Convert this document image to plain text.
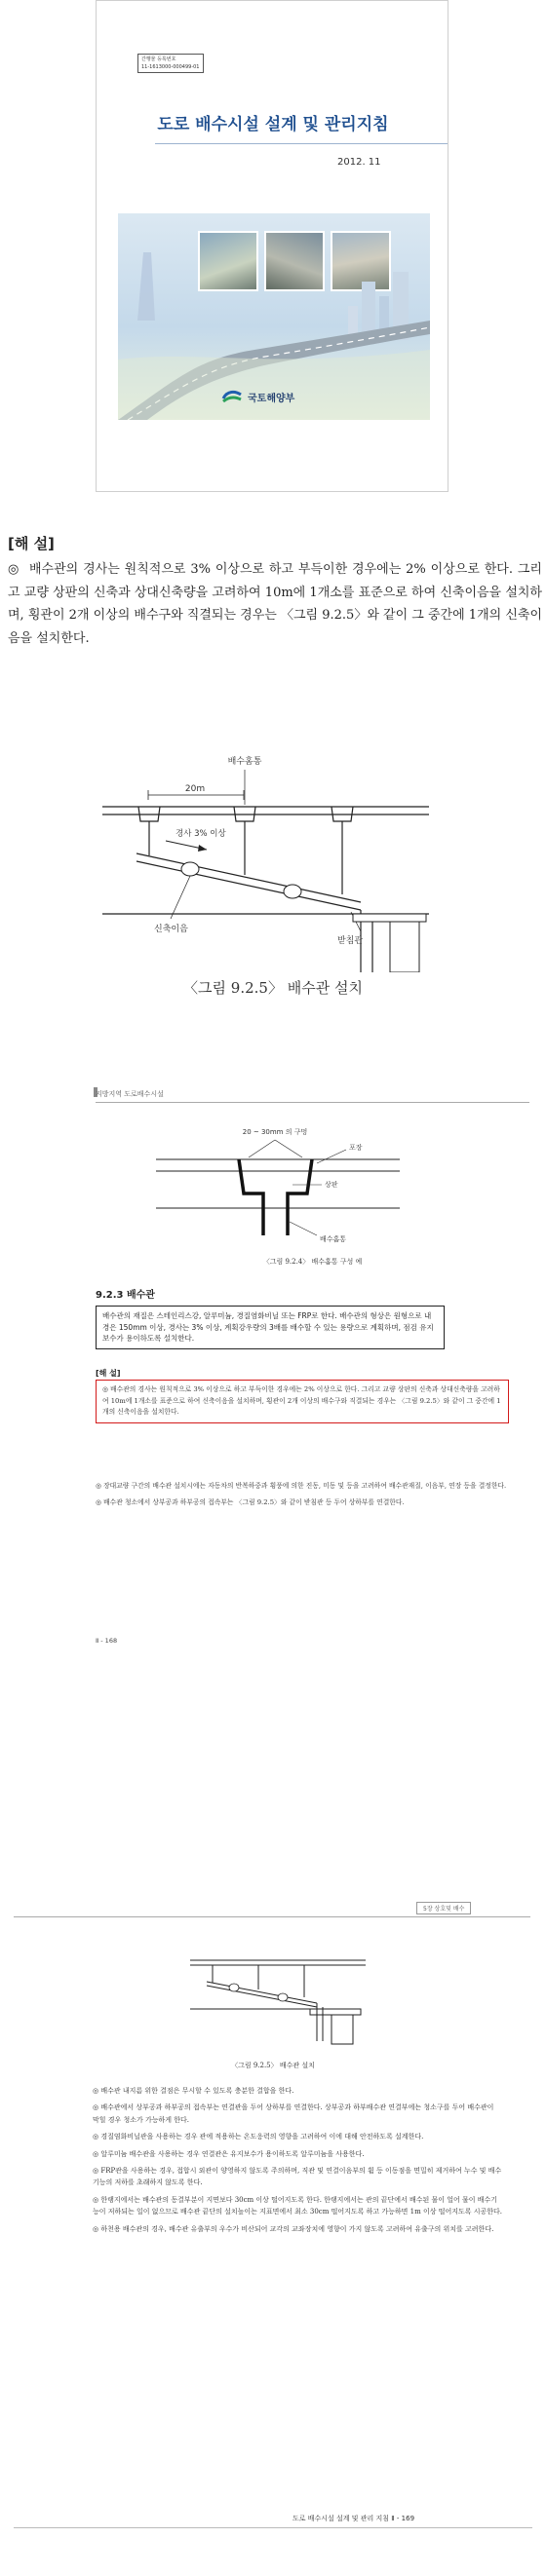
간행물 등록번호
11-1613000-000499-01
도로 배수시설 설계 및 관리지침
2012. 11
국토해양부
[해 설]
◎ 배수관의 경사는 원칙적으로 3% 이상으로 하고 부득이한 경우에는 2% 이상으로 한다. 그리고 교량 상판의 신축과 상대신축량을 고려하여 10m에 1개소를 표준으로 하여 신축이음을 설치하며, 횡관이 2개 이상의 배수구와 직결되는 경우는 〈그림 9.2.5〉와 같이 그 중간에 1개의 신축이음을 설치한다.
배수홈통
20m
경사 3% 이상
신축이음
받침관
〈그림 9.2.5〉 배수관 설치
지방지역 도로배수시설
20 ~ 30mm 의 구멍
포장
상판
배수홈통
〈그림 9.2.4〉 배수홈통 구성 예
9.2.3 배수관
배수관의 재질은 스테인리스강, 알루미늄, 경질염화비닐 또는 FRP로 한다. 배수관의 형상은 원형으로 내경은 150mm 이상, 경사는 3% 이상, 계획강우량의 3배를 배수할 수 있는 용량으로 계획하며, 점검 유지보수가 용이하도록 설치한다.
[해 설]
◎ 배수관의 경사는 원칙적으로 3% 이상으로 하고 부득이한 경우에는 2% 이상으로 한다. 그리고 교량 상판의 신축과 상대신축량을 고려하여 10m에 1개소를 표준으로 하여 신축이음을 설치하며, 횡관이 2개 이상의 배수구와 직결되는 경우는 〈그림 9.2.5〉와 같이 그 중간에 1개의 신축이음을 설치한다.

◎ 장대교량 구간의 배수관 설치시에는 자동차의 반복하중과 횡풍에 의한 진동, 미동 및 등을 고려하여 배수관재질, 이음부, 연장 등을 결정한다.

◎ 배수관 청소에서 상부공과 하부공의 접속부는 〈그림 9.2.5〉와 같이 받침관 등 두어 상하부를 연결한다.

Ⅱ - 168
5장 상호및 배수
〈그림 9.2.5〉 배수관 설치

◎ 배수관 내지름 위한 결점은 무시할 수 있도록 충분한 결합을 한다.

◎ 배수관에서 상부공과 하부공의 접속부는 연결관을 두어 상하부를 연결한다. 상부공과 하부배수관 연결부에는 청소구를 두어 배수관이 막힐 경우 청소가 가능하게 한다.

◎ 경질염화비닐관을 사용하는 경우 관에 적용하는 온도응력의 영향을 고려하여 이에 대해 안전하도록 설계한다.

◎ 알루미늄 배수관을 사용하는 경우 연결관은 유지보수가 용이하도록 알루미늄을 사용한다.

◎ FRP관을 사용하는 경우, 접합시 외관이 양영하지 않도록 주의하며, 직관 및 연결이음부의 휨 등 이동점을 면밀히 제거하여 누수 및 배수기능의 저하를 초래하지 않도록 한다.

◎ 한랭지에서는 배수관의 동결부분이 지면보다 30cm 이상 떨어지도록 한다. 한랭지에서는 관의 끝단에서 배수된 물이 얼어 물이 배수기능이 저하되는 일이 없으므로 배수관 끝단의 설치높이는 지표면에서 최소 30cm 떨어지도록 하고 가능하면 1m 이상 떨어지도록 시공한다.

◎ 하천용 배수관의 경우, 배수관 유출부의 우수가 비산되어 교각의 교좌장치에 영향이 가지 않도록 고려하여 유출구의 위치를 고려한다.

도로 배수시설 설계 및 관리 지침 Ⅱ - 169
